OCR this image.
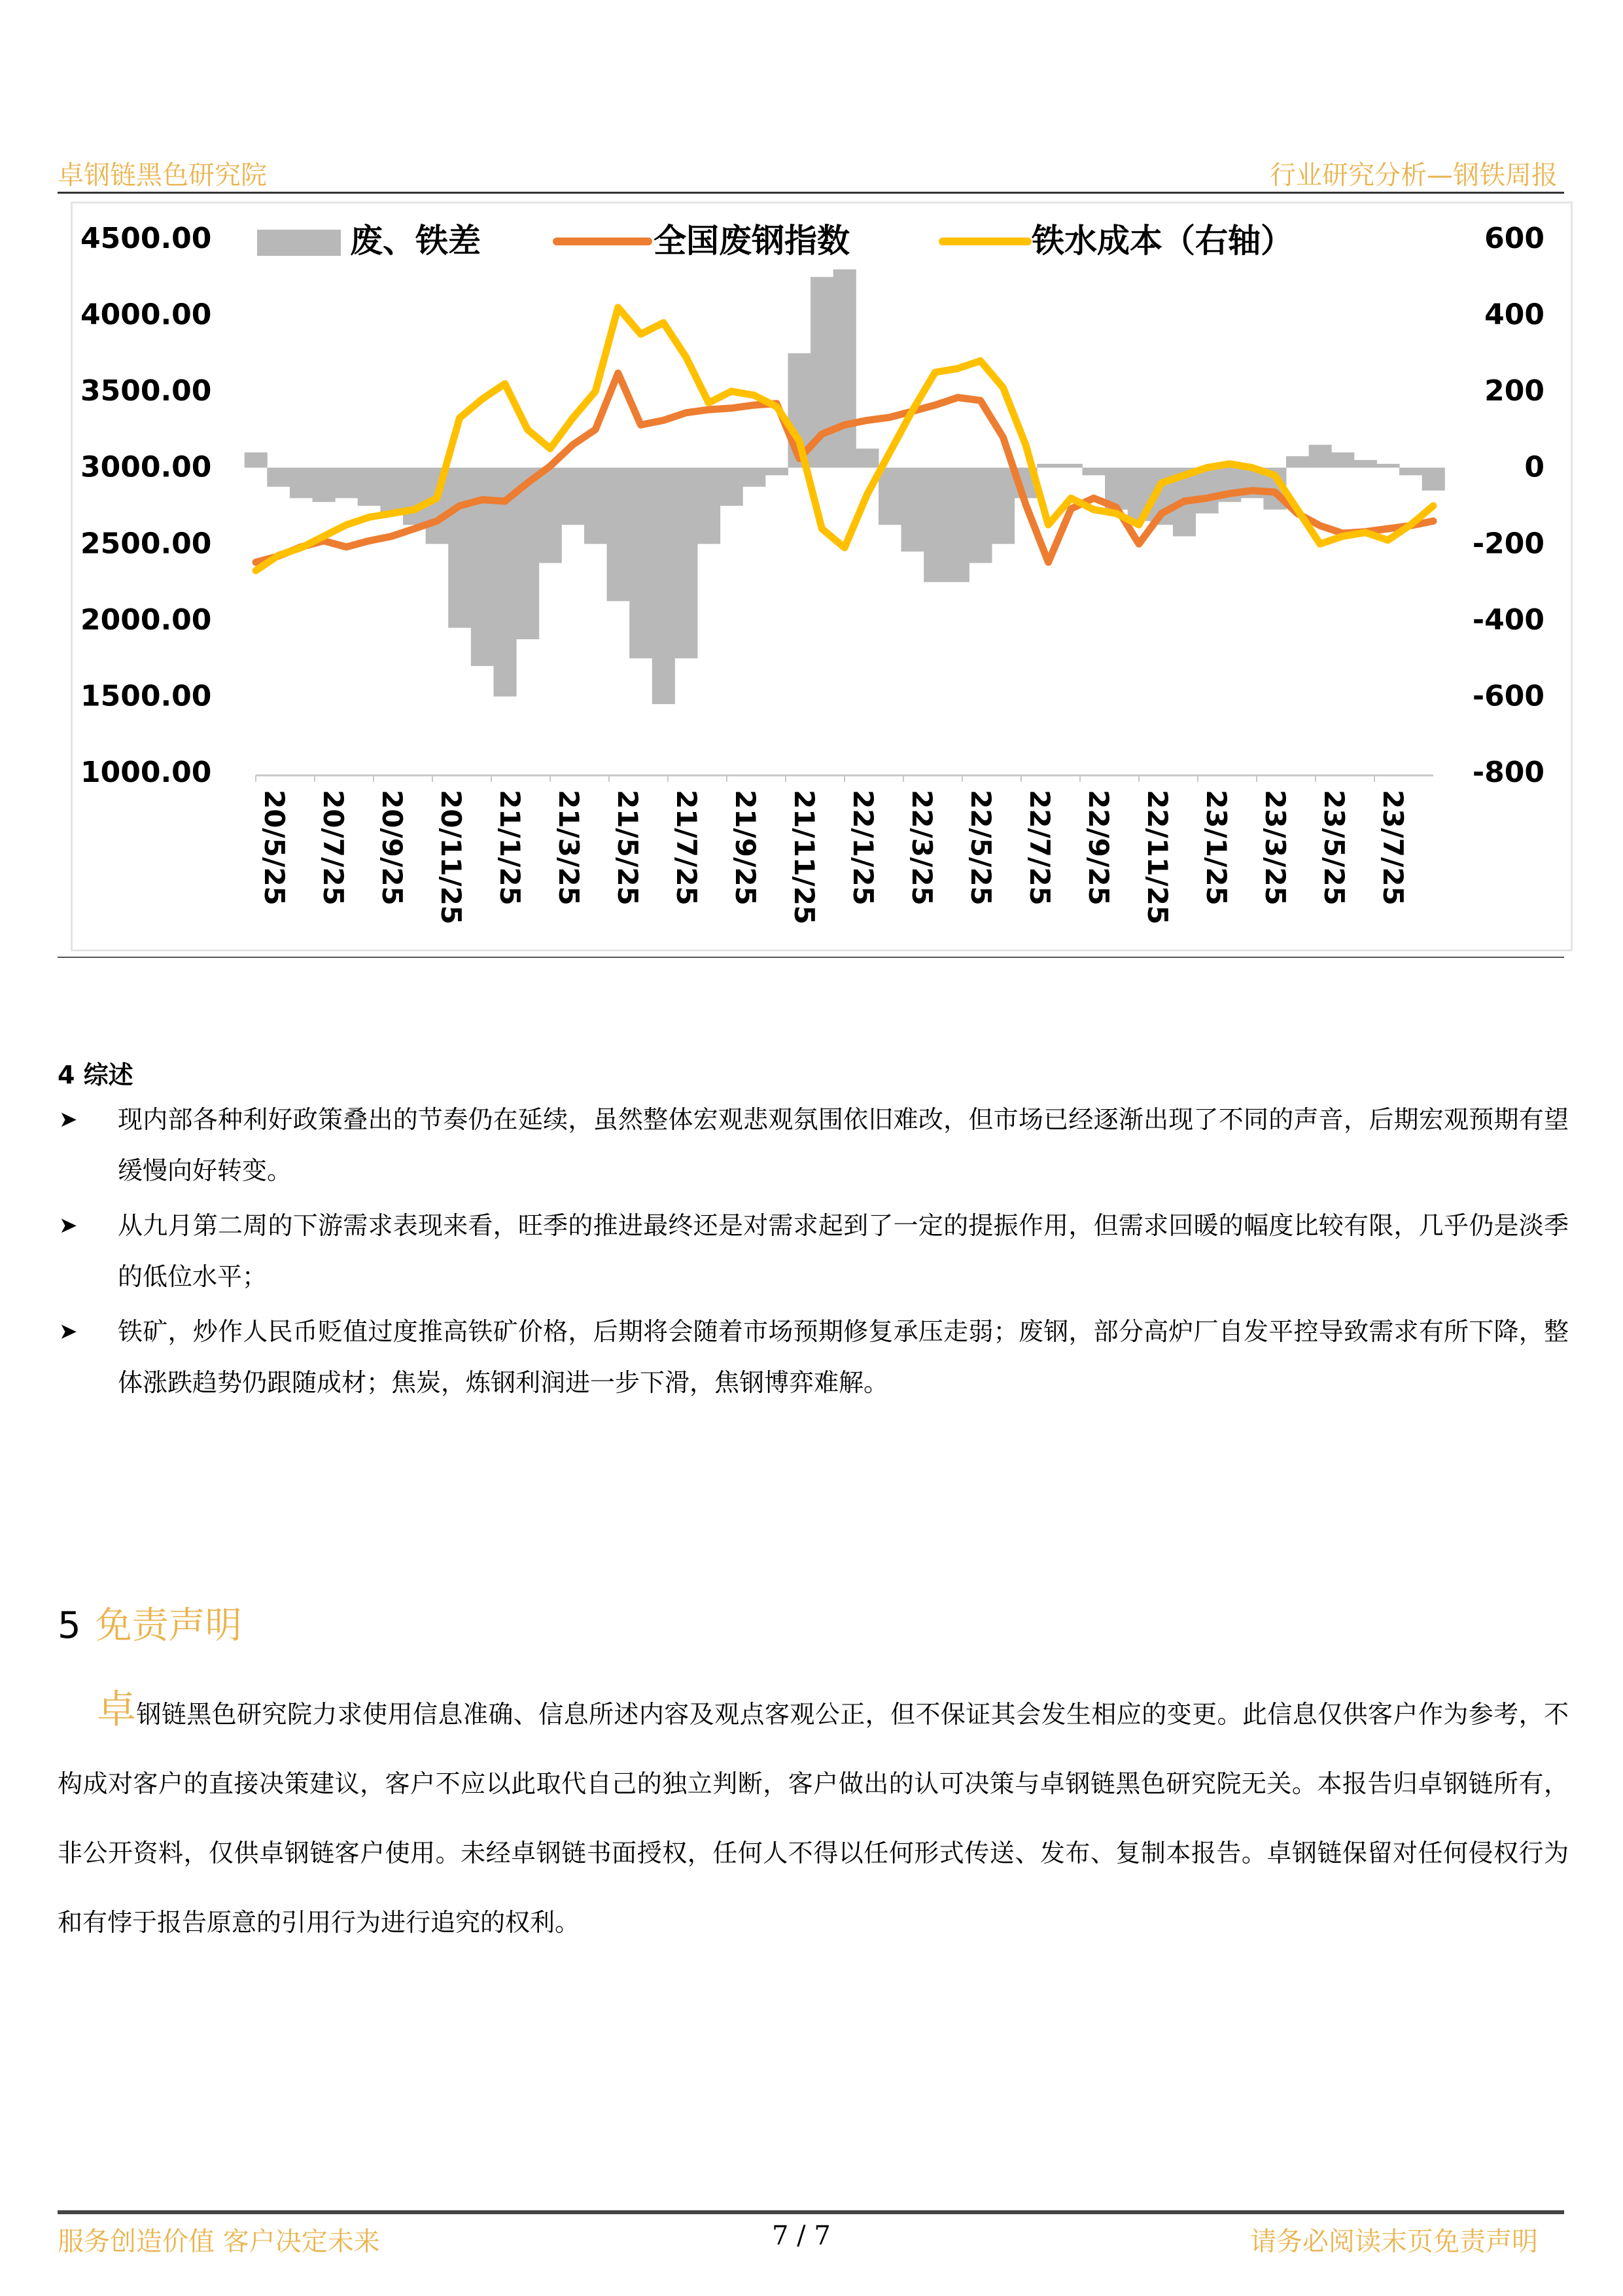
卓钢链黑色研究院	行业研究分析—钢铁周报
4500.00
4000.00
3500.00
3000.00
2500.00
2000.00
1500.00
1000.00
600
400
200
0
-200
-400
-600
-800
20/5/25 20/7/25 20/9/25 20/11/25 21/1/25 21/3/25 21/5/25 21/7/25 21/9/25 21/11/25 22/1/25 22/3/25 22/5/25 22/7/25 22/9/25 22/11/25 23/1/25 23/3/25 23/5/25 23/7/25
废、铁差	全国废钢指数	铁水成本（右轴）
4 综述
➤ 现内部各种利好政策叠出的节奏仍在延续，虽然整体宏观悲观氛围依旧难改，但市场已经逐渐出现了不同的声音，后期宏观预期有望缓慢向好转变。
➤ 从九月第二周的下游需求表现来看，旺季的推进最终还是对需求起到了一定的提振作用，但需求回暖的幅度比较有限，几乎仍是淡季的低位水平；
➤ 铁矿，炒作人民币贬值过度推高铁矿价格，后期将会随着市场预期修复承压走弱；废钢，部分高炉厂自发平控导致需求有所下降，整体涨跌趋势仍跟随成材；焦炭，炼钢利润进一步下滑，焦钢博弈难解。
5 免责声明
卓钢链黑色研究院力求使用信息准确、信息所述内容及观点客观公正，但不保证其会发生相应的变更。此信息仅供客户作为参考，不构成对客户的直接决策建议，客户不应以此取代自己的独立判断，客户做出的认可决策与卓钢链黑色研究院无关。本报告归卓钢链所有，非公开资料，仅供卓钢链客户使用。未经卓钢链书面授权，任何人不得以任何形式传送、发布、复制本报告。卓钢链保留对任何侵权行为和有悖于报告原意的引用行为进行追究的权利。
服务创造价值 客户决定未来	7 / 7	请务必阅读末页免责声明
